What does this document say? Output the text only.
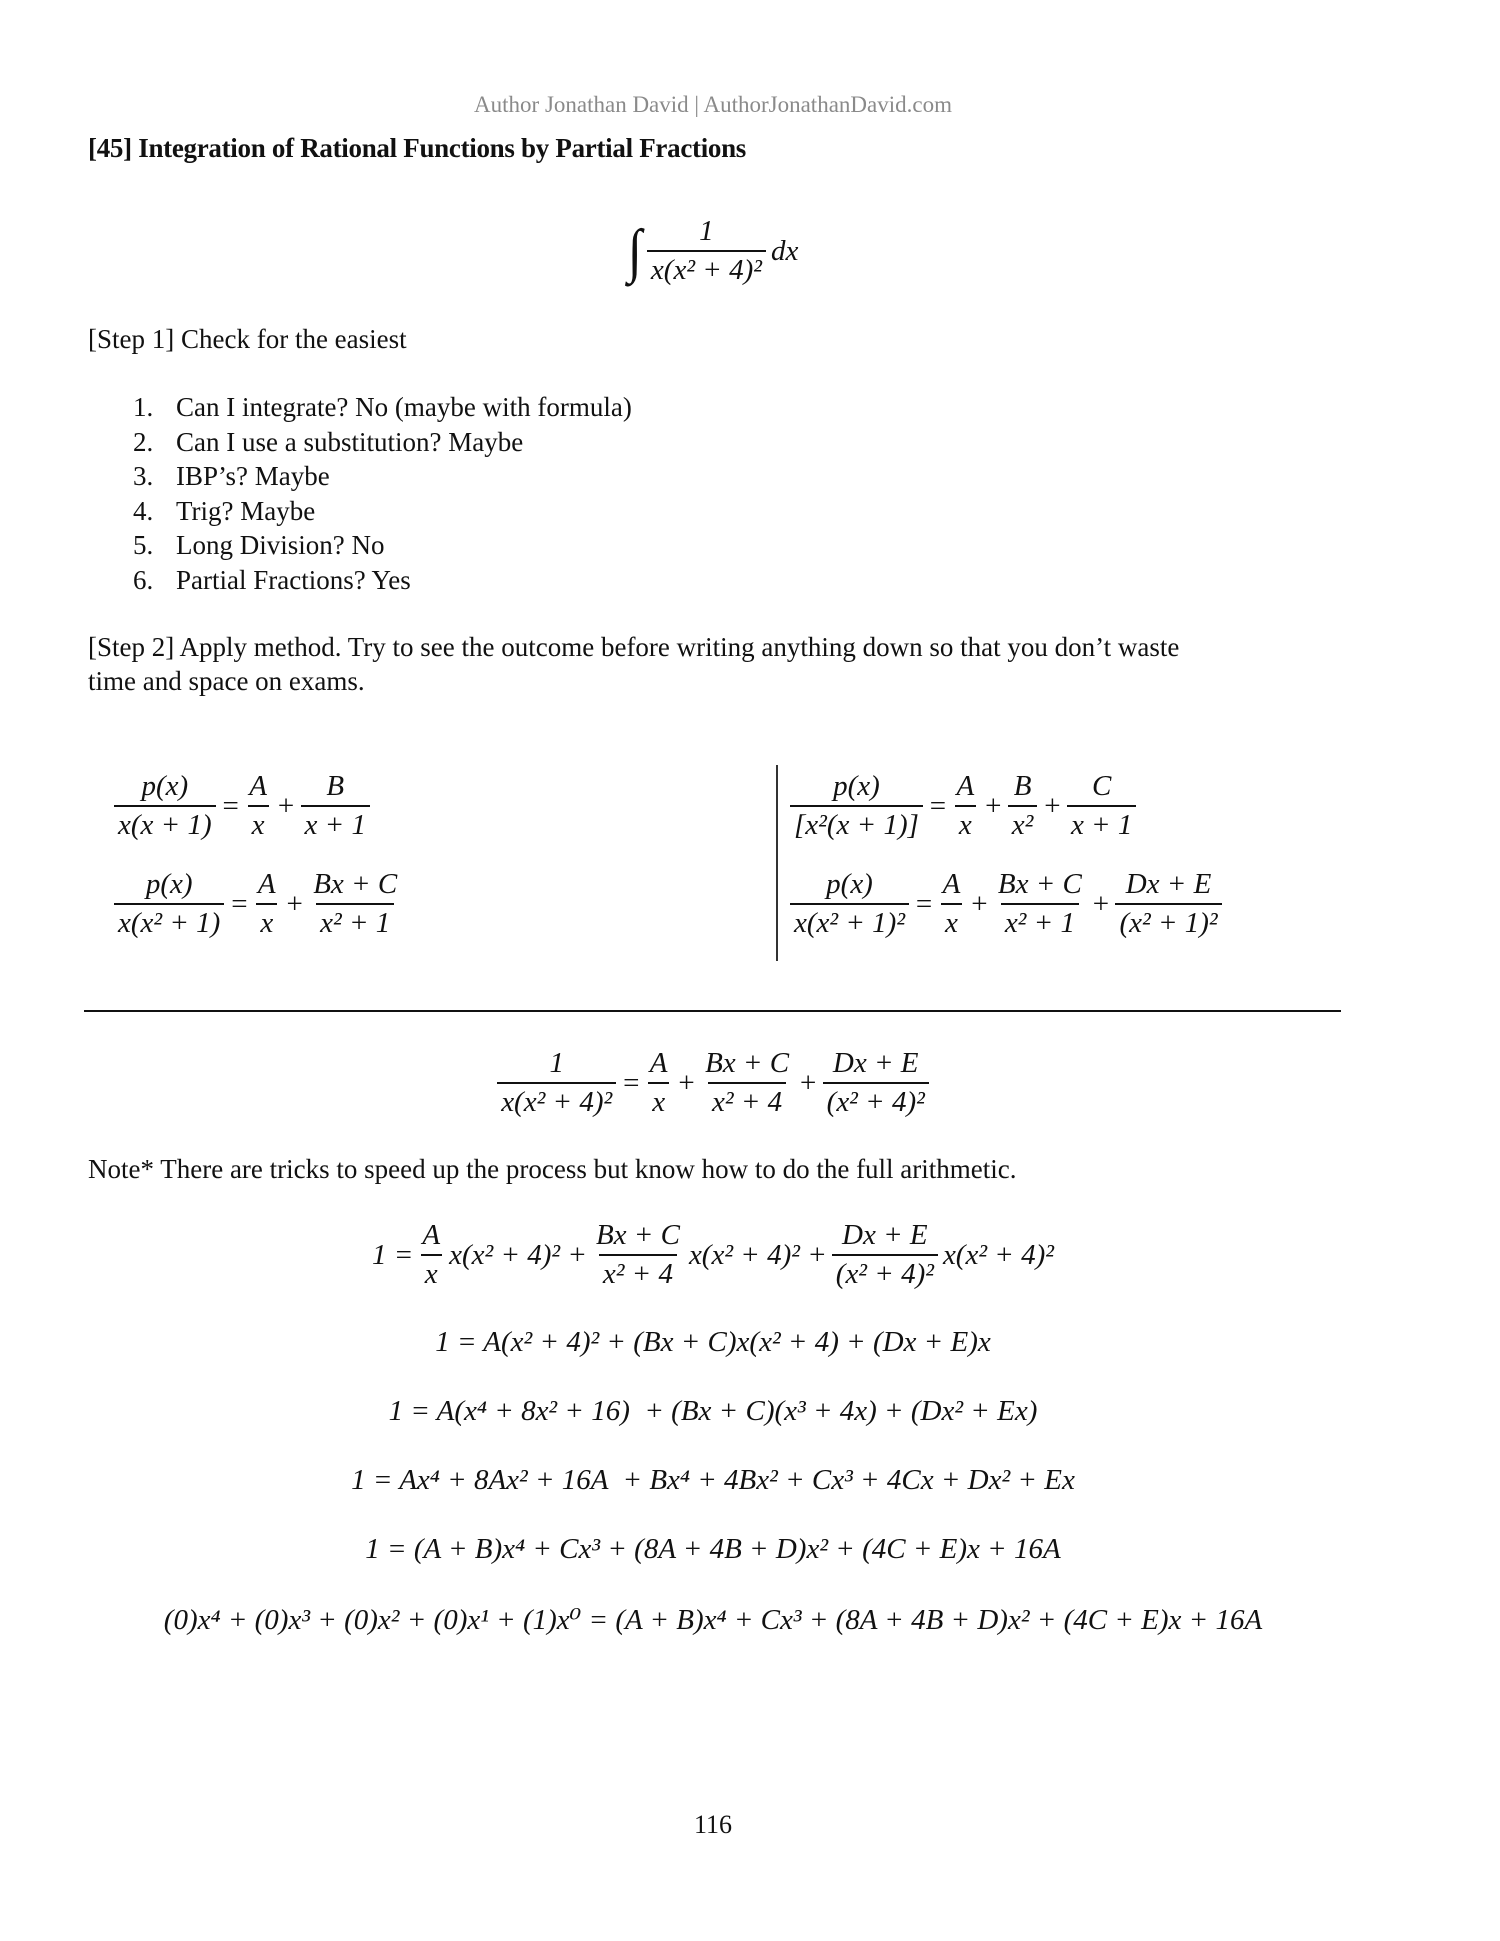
Author Jonathan David | AuthorJonathanDavid.com
[45] Integration of Rational Functions by Partial Fractions
∫ $\frac{1}{\text{x(x² + 4)²}}$ dx
[Step 1] Check for the easiest
1. Can I integrate? No (maybe with formula)
2. Can I use a substitution? Maybe
3. IBP’s? Maybe
4. Trig? Maybe
5. Long Division? No
6. Partial Fractions? Yes
[Step 2] Apply method. Try to see the outcome before writing anything down so that you don’t waste
time and space on exams.
$\frac{p(x)}{x(x + 1)} = \frac{A}{x} + \frac{B}{x + 1}$
$\frac{p(x)}{\text{x(x² + 1)}} = \frac{A}{x} + \frac{Bx + C}{\text{x² + 1}}$
$\frac{p(x)}{\text{[x²(x + 1)]}} = \frac{A}{x} + \frac{B}{\text{x²}} + \frac{C}{x + 1}$
$\frac{p(x)}{\text{x(x² + 1)²}} = \frac{A}{x} + \frac{Bx + C}{\text{x² + 1}} + \frac{Dx + E}{\text{(x² + 1)²}}$
$\frac{1}{\text{x(x² + 4)²}} = \frac{A}{x} + \frac{Bx + C}{\text{x² + 4}} + \frac{Dx + E}{\text{(x² + 4)²}}$
Note* There are tricks to speed up the process but know how to do the full arithmetic.
$1 = \frac{A}{x} x(x^2 + 4)^2 + \frac{Bx + C}{\text{x² + 4}} x(x^2 + 4)^2 + \frac{Dx + E}{\text{(x² + 4)²}} x(x^2 + 4)^2$
1 = A(x² + 4)² + (Bx + C)x(x² + 4) + (Dx + E)x
1 = A(x⁴ + 8x² + 16)  + (Bx + C)(x³ + 4x) + (Dx² + Ex)
1 = Ax⁴ + 8Ax² + 16A  + Bx⁴ + 4Bx² + Cx³ + 4Cx + Dx² + Ex
1 = (A + B)x⁴ + Cx³ + (8A + 4B + D)x² + (4C + E)x + 16A
(0)x⁴ + (0)x³ + (0)x² + (0)x¹ + (1)x⁰ = (A + B)x⁴ + Cx³ + (8A + 4B + D)x² + (4C + E)x + 16A
116
